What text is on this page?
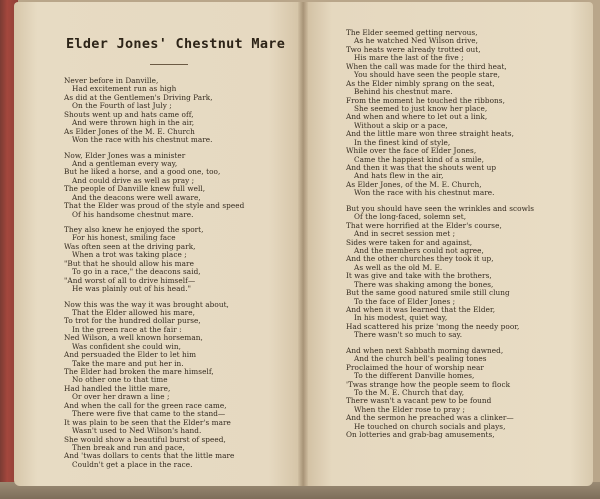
Elder Jones' Chestnut Mare
Never before in Danville,
Had excitement run as high
As did at the Gentlemen's Driving Park,
On the Fourth of last July ;
Shouts went up and hats came off,
And were thrown high in the air,
As Elder Jones of the M. E. Church
Won the race with his chestnut mare.
Now, Elder Jones was a minister
And a gentleman every way,
But he liked a horse, and a good one, too,
And could drive as well as pray ;
The people of Danville knew full well,
And the deacons were well aware,
That the Elder was proud of the style and speed
Of his handsome chestnut mare.
They also knew he enjoyed the sport,
For his honest, smiling face
Was often seen at the driving park,
When a trot was taking place ;
"But that he should allow his mare
To go in a race," the deacons said,
"And worst of all to drive himself—
He was plainly out of his head."
Now this was the way it was brought about,
That the Elder allowed his mare,
To trot for the hundred dollar purse,
In the green race at the fair :
Ned Wilson, a well known horseman,
Was confident she could win,
And persuaded the Elder to let him
Take the mare and put her in.
The Elder had broken the mare himself,
No other one to that time
Had handled the little mare,
Or over her drawn a line ;
And when the call for the green race came,
There were five that came to the stand—
It was plain to be seen that the Elder's mare
Wasn't used to Ned Wilson's hand.
She would show a beautiful burst of speed,
Then break and run and pace,
And 'twas dollars to cents that the little mare
Couldn't get a place in the race.
The Elder seemed getting nervous,
As he watched Ned Wilson drive,
Two heats were already trotted out,
His mare the last of the five ;
When the call was made for the third heat,
You should have seen the people stare,
As the Elder nimbly sprang on the seat,
Behind his chestnut mare.
From the moment he touched the ribbons,
She seemed to just know her place,
And when and where to let out a link,
Without a skip or a pace,
And the little mare won three straight heats,
In the finest kind of style,
While over the face of Elder Jones,
Came the happiest kind of a smile,
And then it was that the shouts went up
And hats flew in the air,
As Elder Jones, of the M. E. Church,
Won the race with his chestnut mare.
But you should have seen the wrinkles and scowls
Of the long-faced, solemn set,
That were horrified at the Elder's course,
And in secret session met ;
Sides were taken for and against,
And the members could not agree,
And the other churches they took it up,
As well as the old M. E.
It was give and take with the brothers,
There was shaking among the bones,
But the same good natured smile still clung
To the face of Elder Jones ;
And when it was learned that the Elder,
In his modest, quiet way,
Had scattered his prize 'mong the needy poor,
There wasn't so much to say.
And when next Sabbath morning dawned,
And the church bell's pealing tones
Proclaimed the hour of worship near
To the different Danville homes,
'Twas strange how the people seem to flock
To the M. E. Church that day,
There wasn't a vacant pew to be found
When the Elder rose to pray ;
And the sermon he preached was a clinker—
He touched on church socials and plays,
On lotteries and grab-bag amusements,
